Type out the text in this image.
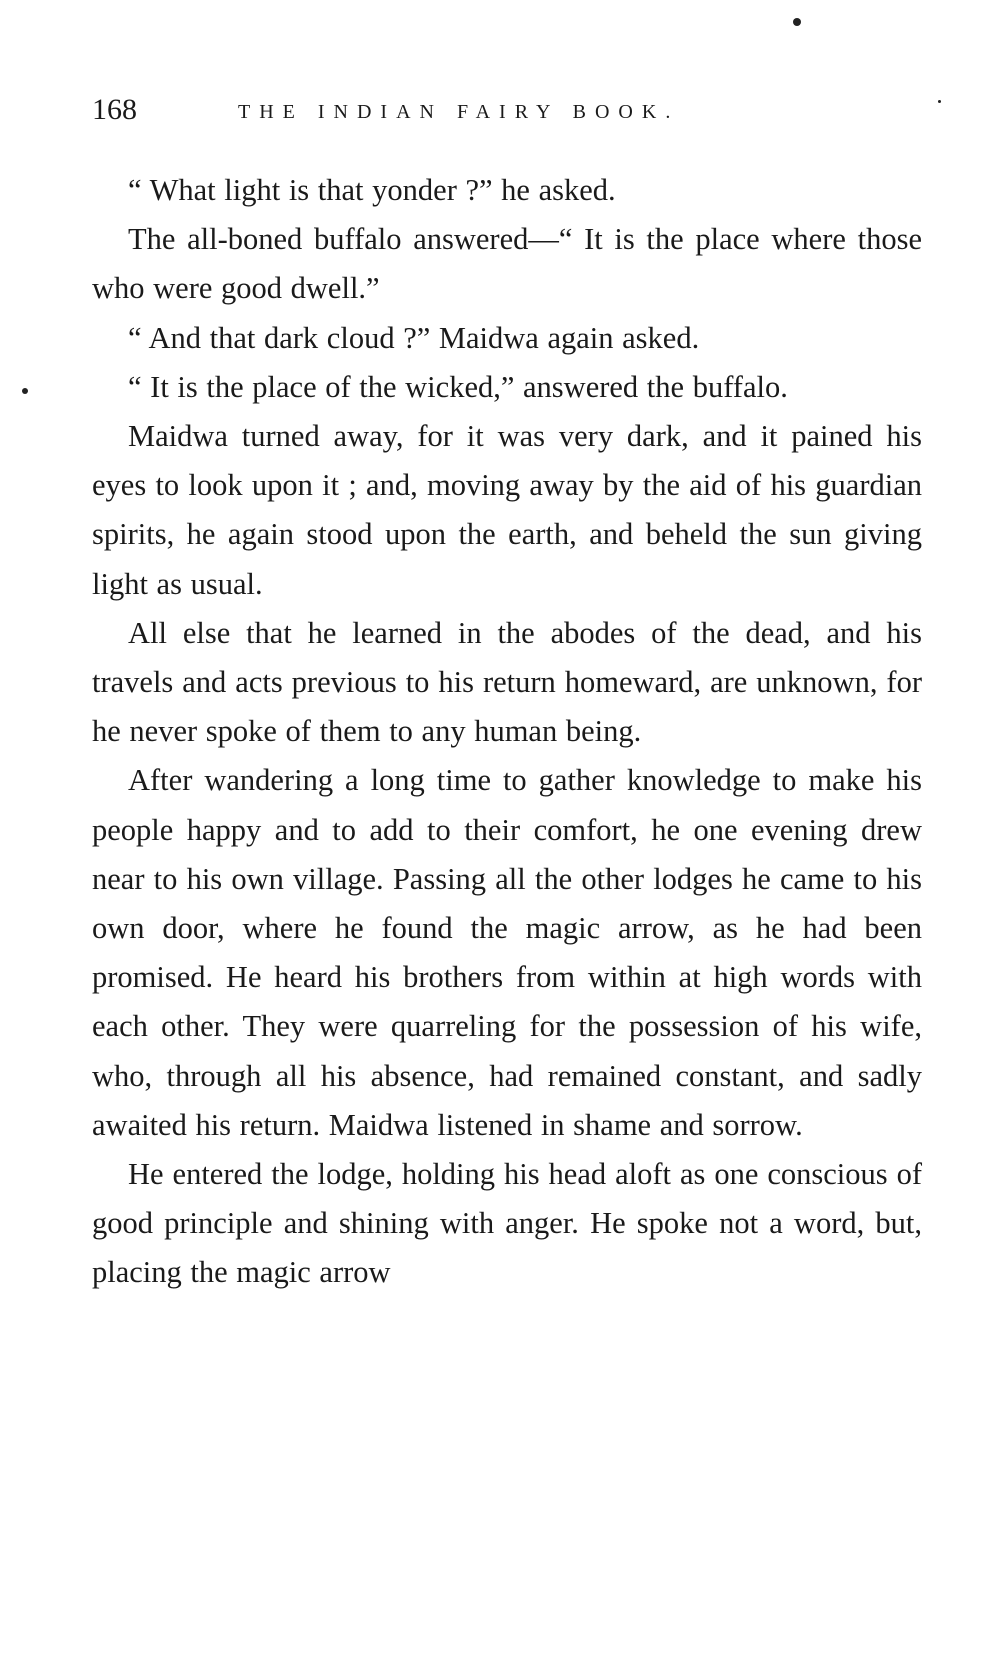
168	THE INDIAN FAIRY BOOK.

“ What light is that yonder ?” he asked.

The all-boned buffalo answered—“ It is the place where those who were good dwell.”

“ And that dark cloud ?” Maidwa again asked.

“ It is the place of the wicked,” answered the buffalo.

Maidwa turned away, for it was very dark, and it pained his eyes to look upon it ; and, moving away by the aid of his guardian spirits, he again stood upon the earth, and beheld the sun giving light as usual.

All else that he learned in the abodes of the dead, and his travels and acts previous to his return homeward, are unknown, for he never spoke of them to any human being.

After wandering a long time to gather knowledge to make his people happy and to add to their comfort, he one evening drew near to his own village. Passing all the other lodges he came to his own door, where he found the magic arrow, as he had been promised. He heard his brothers from within at high words with each other. They were quarreling for the possession of his wife, who, through all his absence, had remained constant, and sadly awaited his return. Maidwa listened in shame and sorrow.

He entered the lodge, holding his head aloft as one conscious of good principle and shining with anger. He spoke not a word, but, placing the magic arrow
